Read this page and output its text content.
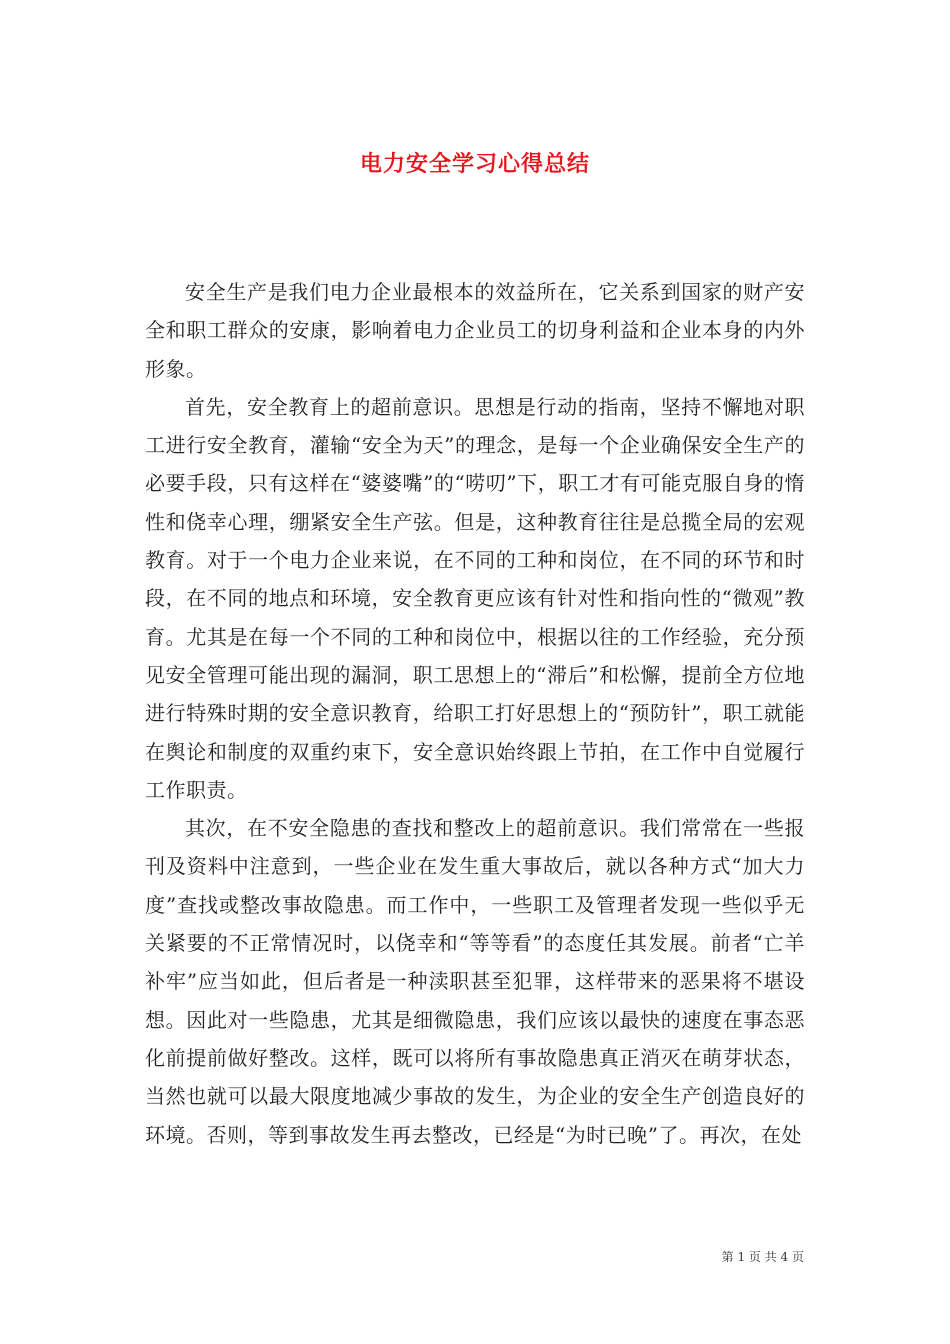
电力安全学习心得总结

安全生产是我们电力企业最根本的效益所在，它关系到国家的财产安全和职工群众的安康，影响着电力企业员工的切身利益和企业本身的内外形象。

首先，安全教育上的超前意识。思想是行动的指南，坚持不懈地对职工进行安全教育，灌输“安全为天”的理念，是每一个企业确保安全生产的必要手段，只有这样在“婆婆嘴”的“唠叨”下，职工才有可能克服自身的惰性和侥幸心理，绷紧安全生产弦。但是，这种教育往往是总揽全局的宏观教育。对于一个电力企业来说，在不同的工种和岗位，在不同的环节和时段，在不同的地点和环境，安全教育更应该有针对性和指向性的“微观”教育。尤其是在每一个不同的工种和岗位中，根据以往的工作经验，充分预见安全管理可能出现的漏洞，职工思想上的“滞后”和松懈，提前全方位地进行特殊时期的安全意识教育，给职工打好思想上的“预防针”，职工就能在舆论和制度的双重约束下，安全意识始终跟上节拍，在工作中自觉履行工作职责。

其次，在不安全隐患的查找和整改上的超前意识。我们常常在一些报刊及资料中注意到，一些企业在发生重大事故后，就以各种方式“加大力度”查找或整改事故隐患。而工作中，一些职工及管理者发现一些似乎无关紧要的不正常情况时，以侥幸和“等等看”的态度任其发展。前者“亡羊补牢”应当如此，但后者是一种渎职甚至犯罪，这样带来的恶果将不堪设想。因此对一些隐患，尤其是细微隐患，我们应该以最快的速度在事态恶化前提前做好整改。这样，既可以将所有事故隐患真正消灭在萌芽状态，当然也就可以最大限度地减少事故的发生，为企业的安全生产创造良好的环境。否则，等到事故发生再去整改，已经是“为时已晚”了。再次，在处

第 1 页 共 4 页
